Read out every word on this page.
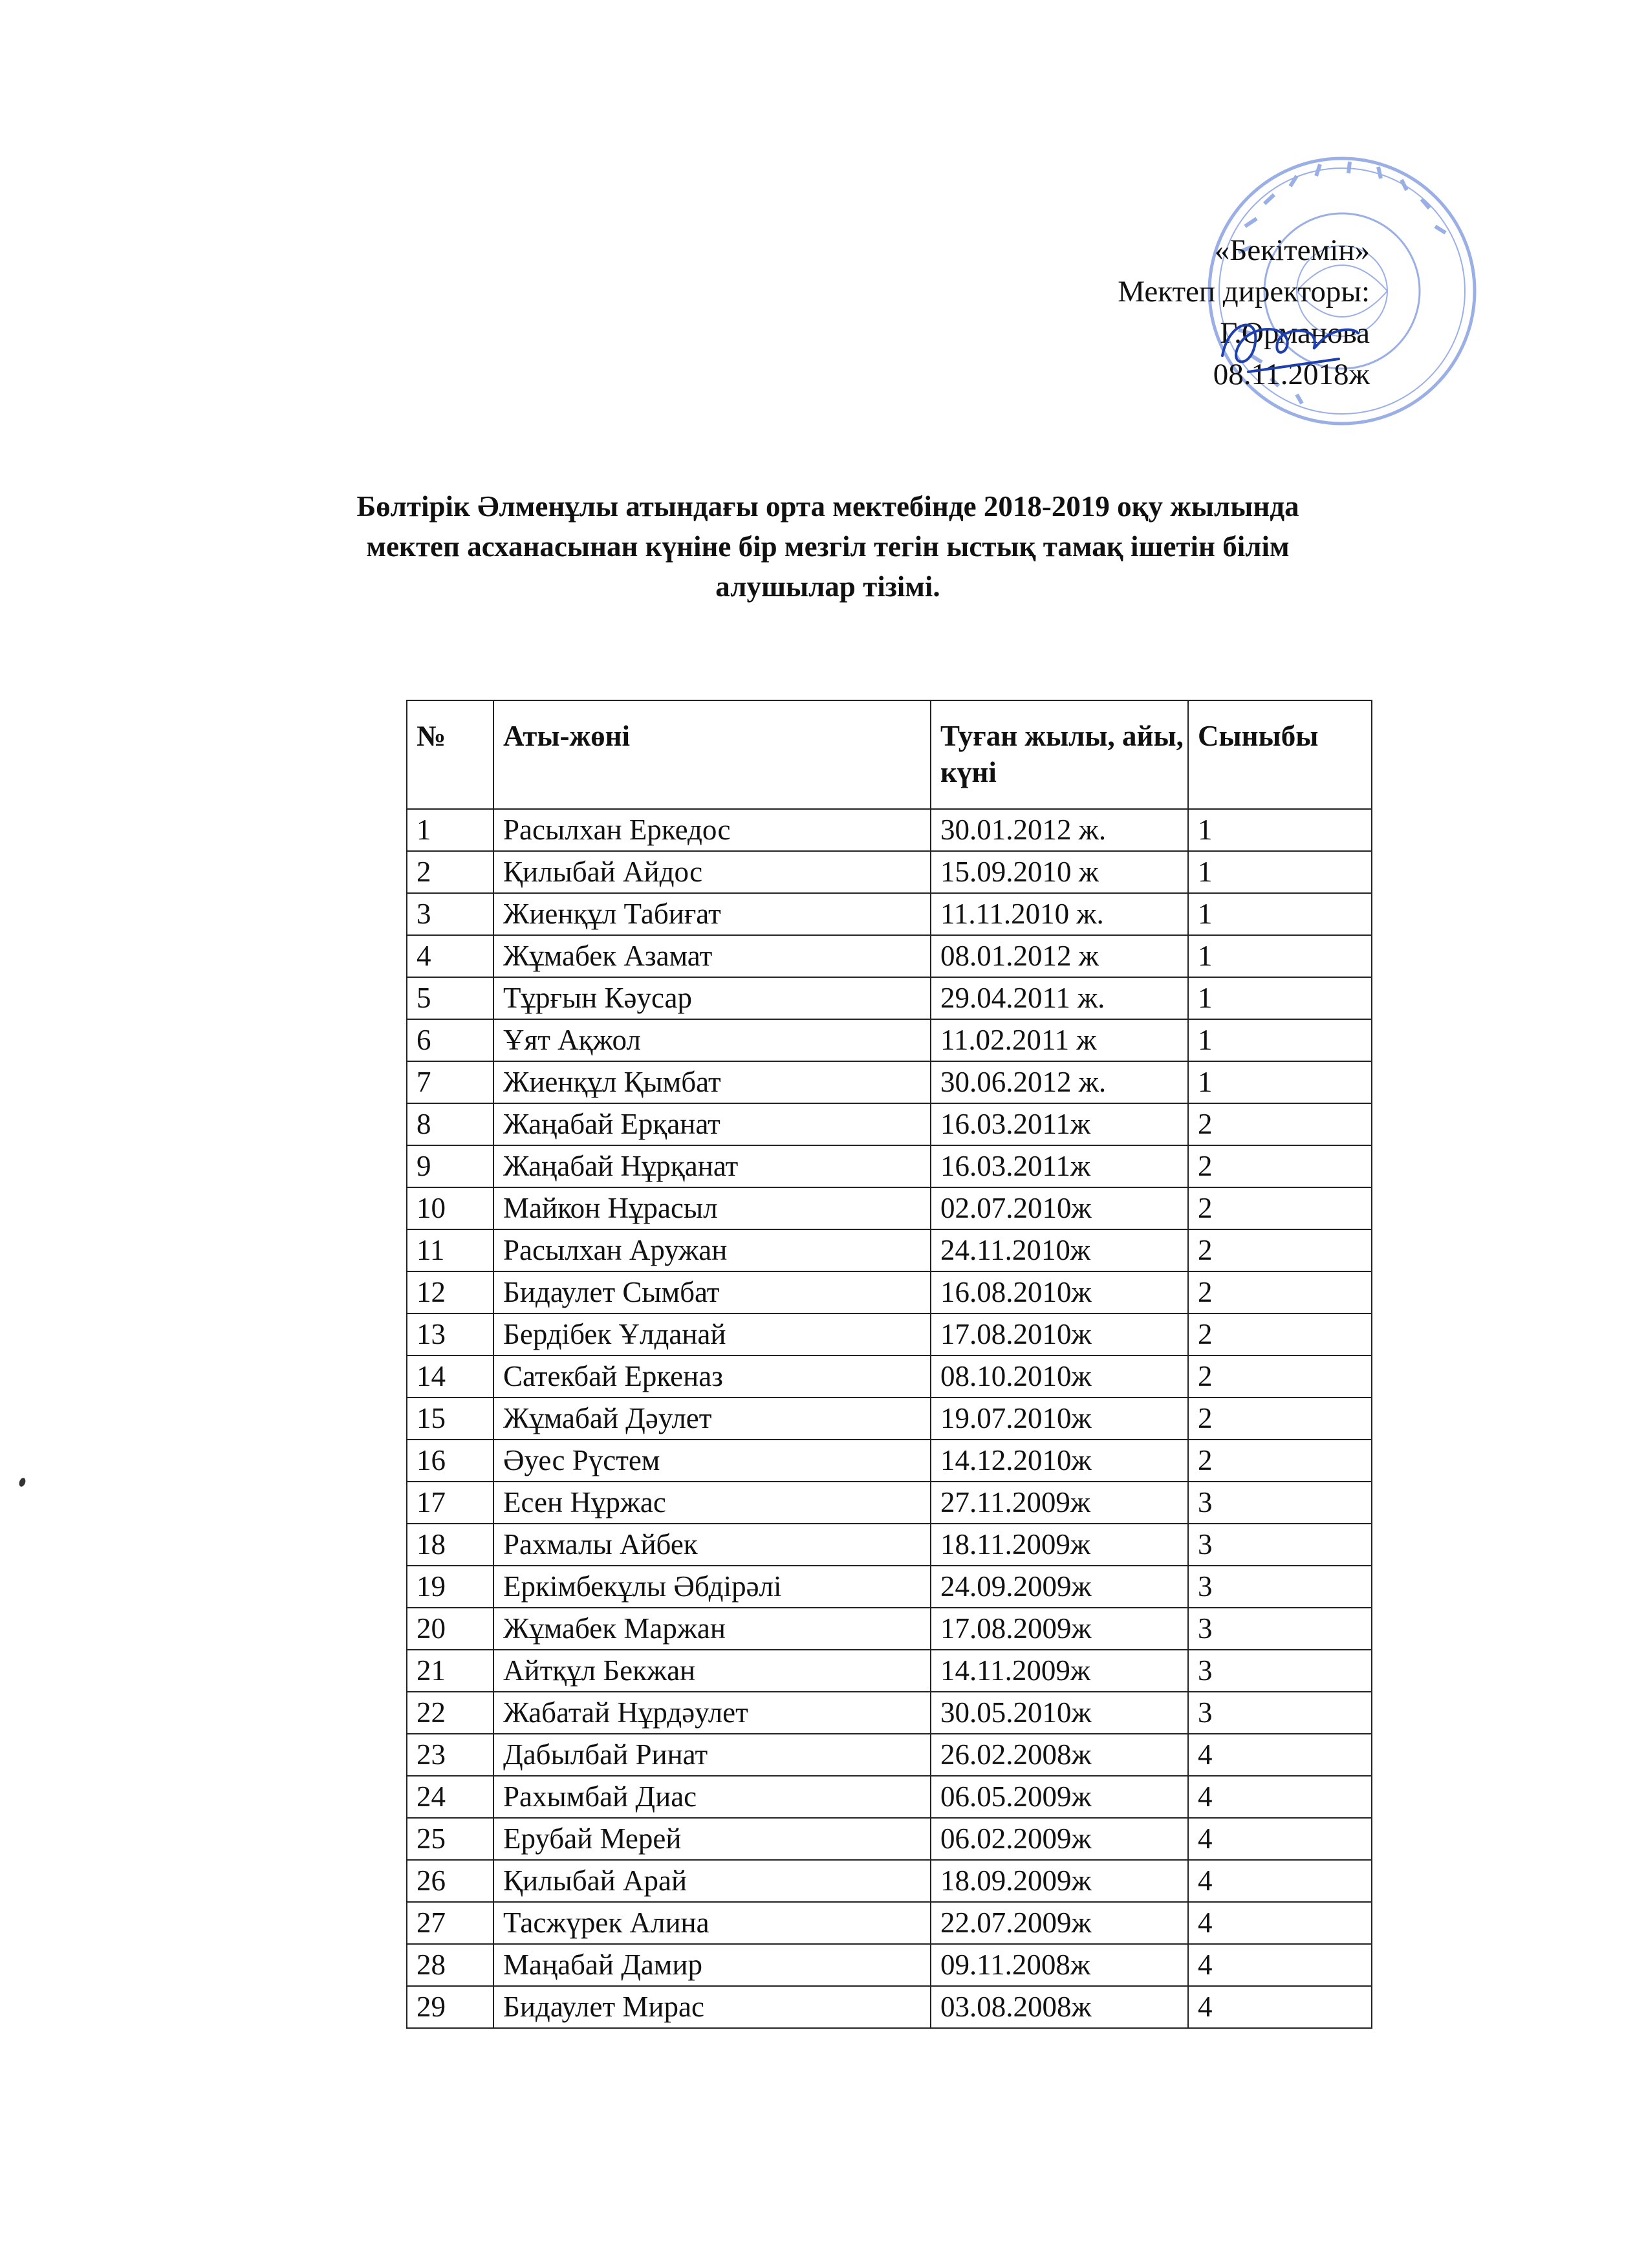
«Бекітемін»
Мектеп директоры:
Г.Орманова
08.11.2018ж
Бөлтірік Әлменұлы атындағы орта мектебінде 2018-2019 оқу жылында
мектеп асханасынан күніне бір мезгіл тегін ыстық тамақ ішетін білім
алушылар тізімі.
№	Аты-жөні	Туған жылы, айы, күні	Сыныбы
1	Расылхан Еркедос	30.01.2012 ж.	1
2	Қилыбай Айдос	15.09.2010 ж	1
3	Жиенқұл Табиғат	11.11.2010 ж.	1
4	Жұмабек Азамат	08.01.2012 ж	1
5	Тұрғын Кәусар	29.04.2011 ж.	1
6	Ұят Ақжол	11.02.2011 ж	1
7	Жиенқұл Қымбат	30.06.2012 ж.	1
8	Жаңабай Ерқанат	16.03.2011ж	2
9	Жаңабай Нұрқанат	16.03.2011ж	2
10	Майкон Нұрасыл	02.07.2010ж	2
11	Расылхан Аружан	24.11.2010ж	2
12	Бидаулет Сымбат	16.08.2010ж	2
13	Бердібек Ұлданай	17.08.2010ж	2
14	Сатекбай Еркеназ	08.10.2010ж	2
15	Жұмабай Дәулет	19.07.2010ж	2
16	Әуес Рүстем	14.12.2010ж	2
17	Есен Нұржас	27.11.2009ж	3
18	Рахмалы Айбек	18.11.2009ж	3
19	Еркімбекұлы Әбдірәлі	24.09.2009ж	3
20	Жұмабек Маржан	17.08.2009ж	3
21	Айтқұл Бекжан	14.11.2009ж	3
22	Жабатай Нұрдәулет	30.05.2010ж	3
23	Дабылбай Ринат	26.02.2008ж	4
24	Рахымбай Диас	06.05.2009ж	4
25	Ерубай Мерей	06.02.2009ж	4
26	Қилыбай Арай	18.09.2009ж	4
27	Тасжүрек Алина	22.07.2009ж	4
28	Маңабай Дамир	09.11.2008ж	4
29	Бидаулет Мирас	03.08.2008ж	4
